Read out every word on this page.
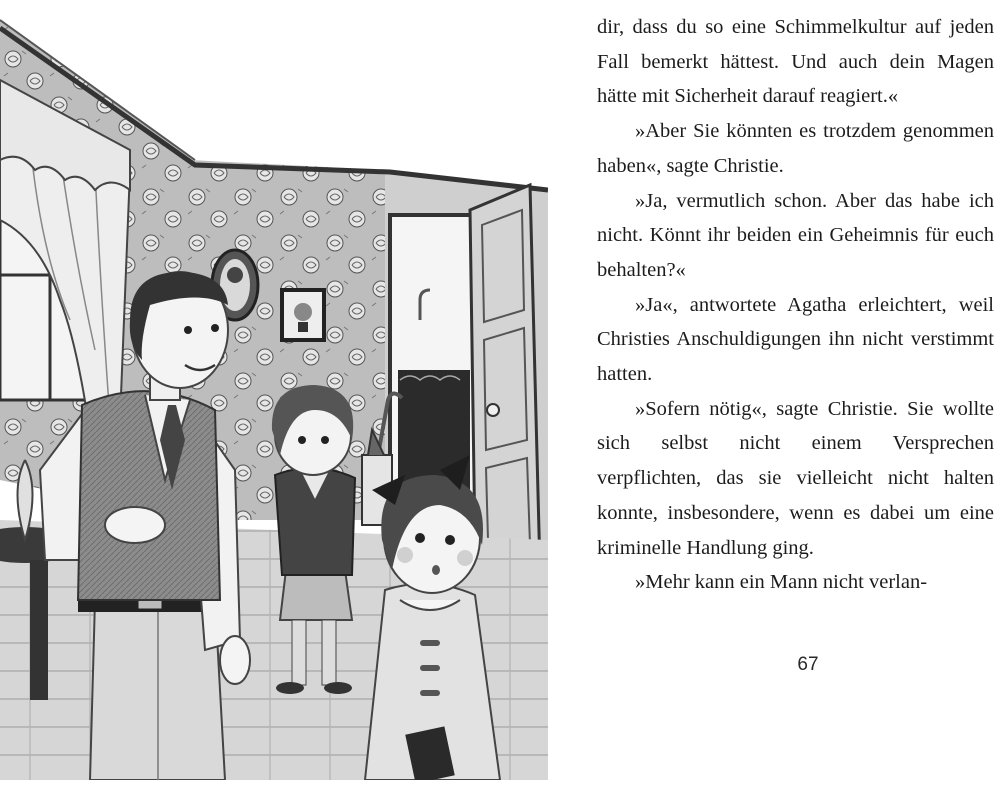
dir, dass du so eine Schimmelkultur auf jeden Fall bemerkt hättest. Und auch dein Magen hätte mit Sicherheit darauf reagiert.«

»Aber Sie könnten es trotzdem genommen haben«, sagte Christie.

»Ja, vermutlich schon. Aber das habe ich nicht. Könnt ihr beiden ein Geheimnis für euch behalten?«

»Ja«, antwortete Agatha erleichtert, weil Christies Anschuldigungen ihn nicht verstimmt hatten.

»Sofern nötig«, sagte Christie. Sie wollte sich selbst nicht einem Versprechen verpflichten, das sie vielleicht nicht halten konnte, insbesondere, wenn es dabei um eine kriminelle Handlung ging.

»Mehr kann ein Mann nicht verlan-

67
